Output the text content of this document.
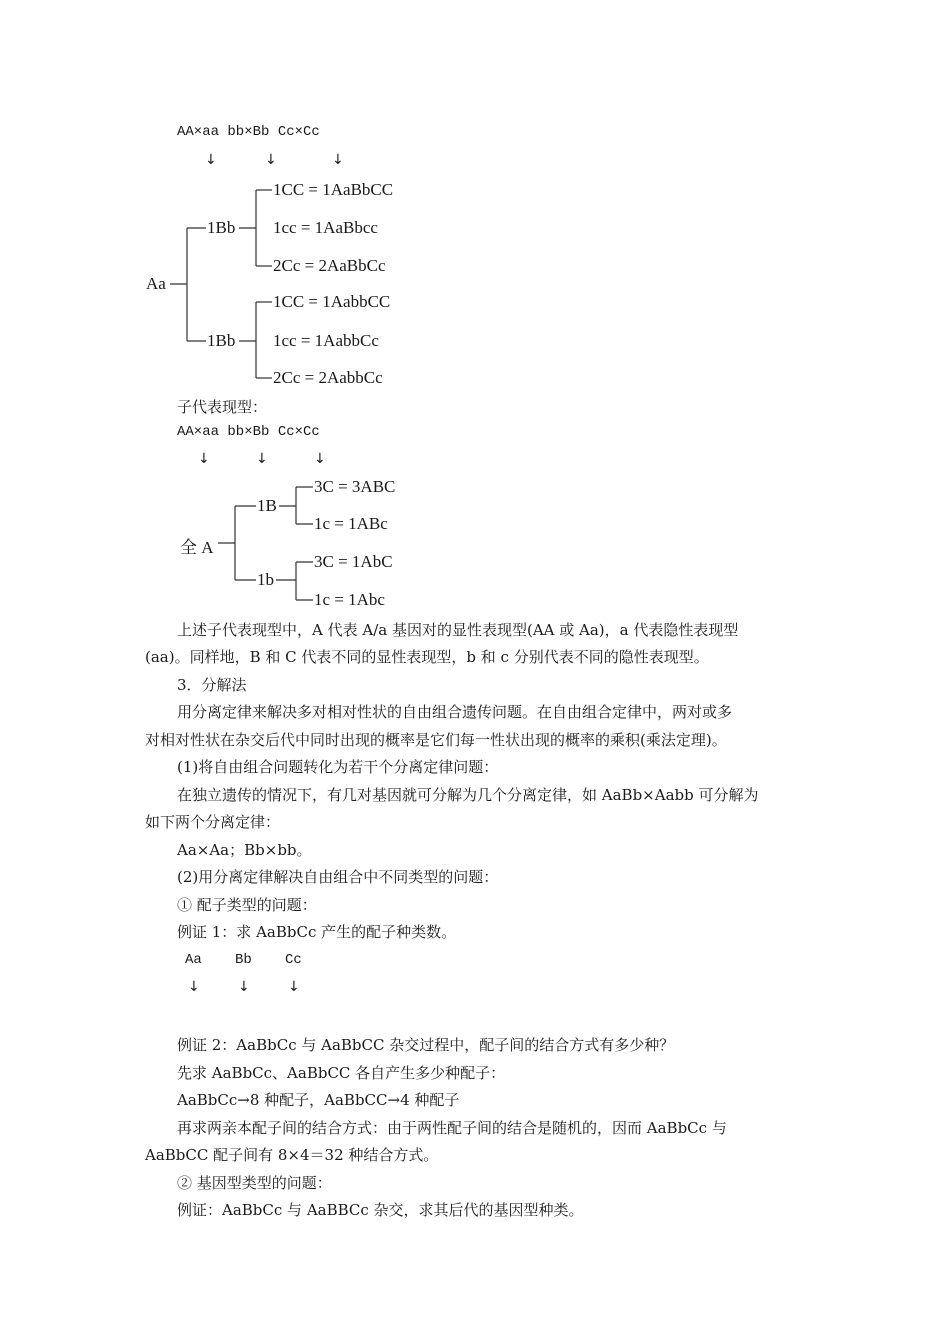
AA×aa bb×Bb Cc×Cc
↓	↓	↓
Aa
1Bb
1Bb
1CC = 1AaBbCC
1cc = 1AaBbcc
2Cc = 2AaBbCc
1CC = 1AabbCC
1cc = 1AabbCc
2Cc = 2AabbCc
子代表现型：
AA×aa bb×Bb Cc×Cc
↓	↓	↓
全 A
1B
1b
3C = 3ABC
1c = 1ABc
3C = 1AbC
1c = 1Abc
上述子代表现型中，A 代表 A/a 基因对的显性表现型(AA 或 Aa)，a 代表隐性表现型
(aa)。同样地，B 和 C 代表不同的显性表现型，b 和 c 分别代表不同的隐性表现型。
3．分解法
用分离定律来解决多对相对性状的自由组合遗传问题。在自由组合定律中，两对或多
对相对性状在杂交后代中同时出现的概率是它们每一性状出现的概率的乘积(乘法定理)。
(1)将自由组合问题转化为若干个分离定律问题：
在独立遗传的情况下，有几对基因就可分解为几个分离定律，如 AaBb×Aabb 可分解为
如下两个分离定律：
Aa×Aa；Bb×bb。
(2)用分离定律解决自由组合中不同类型的问题：
① 配子类型的问题：
例证 1：求 AaBbCc 产生的配子种类数。
Aa Bb Cc
↓	↓	↓
例证 2：AaBbCc 与 AaBbCC 杂交过程中，配子间的结合方式有多少种？
先求 AaBbCc、AaBbCC 各自产生多少种配子：
AaBbCc→8 种配子，AaBbCC→4 种配子
再求两亲本配子间的结合方式：由于两性配子间的结合是随机的，因而 AaBbCc 与
AaBbCC 配子间有 8×4＝32 种结合方式。
② 基因型类型的问题：
例证：AaBbCc 与 AaBBCc 杂交，求其后代的基因型种类。
